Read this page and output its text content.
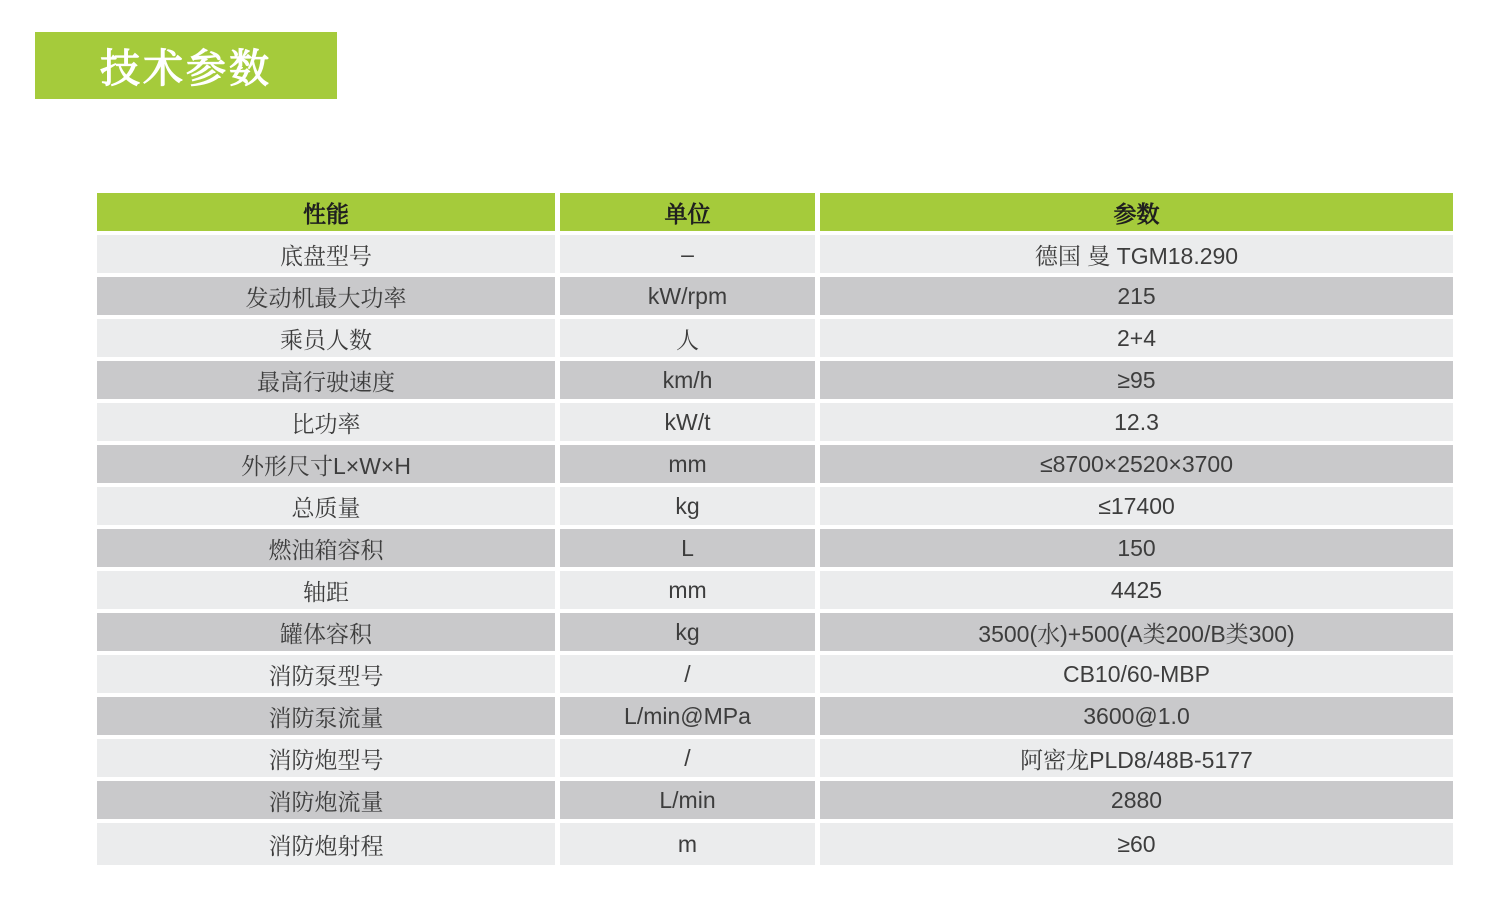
技术参数
性能	单位	参数
底盘型号	–	德国 曼 TGM18.290
发动机最大功率	kW/rpm	215
乘员人数	人	2+4
最高行驶速度	km/h	≥95
比功率	kW/t	12.3
外形尺寸L×W×H	mm	≤8700×2520×3700
总质量	kg	≤17400
燃油箱容积	L	150
轴距	mm	4425
罐体容积	kg	3500(水)+500(A类200/B类300)
消防泵型号	/	CB10/60-MBP
消防泵流量	L/min@MPa	3600@1.0
消防炮型号	/	阿密龙PLD8/48B-5177
消防炮流量	L/min	2880
消防炮射程	m	≥60
